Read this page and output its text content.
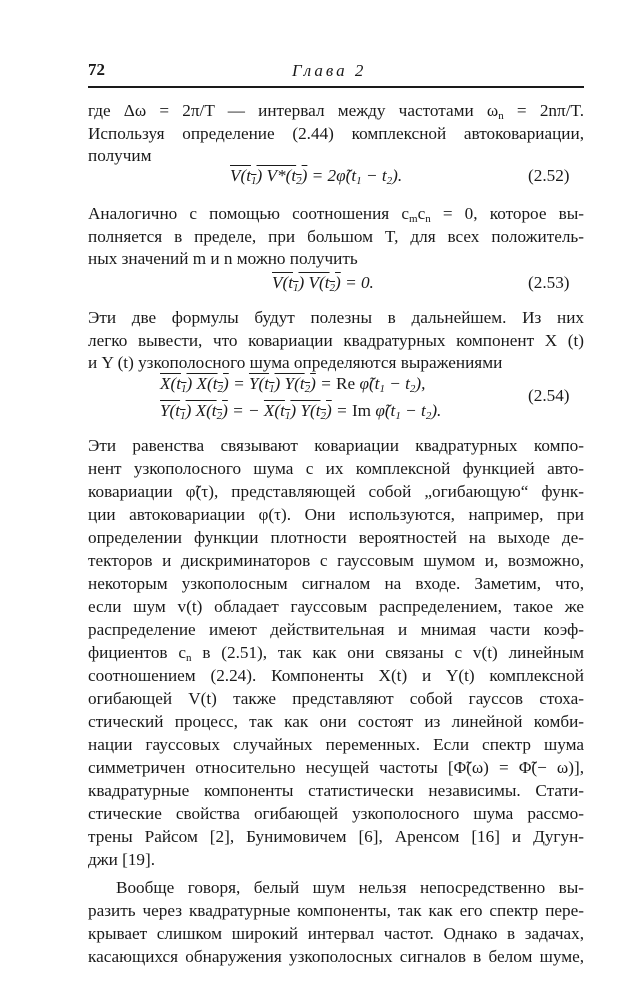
72	Глава 2
где Δω = 2π/T — интервал между частотами $\omega_n = 2n\pi/T$.
Используя определение (2.44) комплексной автоковариации,
получим
$V(t_1) V*(t_2)$ = $2\varphĩ(t_1 - t_2)$.	(2.52)
Аналогично с помощью соотношения $c_mc_n = 0$, которое вы-
полняется в пределе, при большом T, для всех положитель-
ных значений m и n можно получить
$V(t_1) V(t_2) = 0$.	(2.53)
Эти две формулы будут полезны в дальнейшем. Из них
легко вывести, что ковариации квадратурных компонент X (t)
и Y (t) узкополосного шума определяются выражениями
$X(t_1) X(t_2) = Y(t_1) Y(t_2) = Re$ $\varphĩ(t_1 - t_2)$,
$Y(t_1) X(t_2)$ = − $X(t_1) Y(t_2) = Im$ $\varphĩ(t_1 - t_2)$.
(2.54)
Эти равенства связывают ковариации квадратурных компо-
нент узкополосного шума с их комплексной функцией авто-
ковариации φ̃(τ), представляющей собой „огибающую“ функ-
ции автоковариации φ(τ). Они используются, например, при
определении функции плотности вероятностей на выходе де-
текторов и дискриминаторов с гауссовым шумом и, возможно,
некоторым узкополосным сигналом на входе. Заметим, что,
если шум v(t) обладает гауссовым распределением, такое же
распределение имеют действительная и мнимая части коэф-
фициентов $c_n$ в (2.51), так как они связаны с v(t) линейным
соотношением (2.24). Компоненты X(t) и Y(t) комплексной
огибающей V(t) также представляют собой гауссов стоха-
стический процесс, так как они состоят из линейной комби-
нации гауссовых случайных переменных. Если спектр шума
симметричен относительно несущей частоты [Φ̃(ω) = Φ̃(− ω)],
квадратурные компоненты статистически независимы. Стати-
стические свойства огибающей узкополосного шума рассмо-
трены Райсом [2], Бунимовичем [6], Аренсом [16] и Дугун-
джи [19].
Вообще говоря, белый шум нельзя непосредственно вы-
разить через квадратурные компоненты, так как его спектр пере-
крывает слишком широкий интервал частот. Однако в задачах,
касающихся обнаружения узкополосных сигналов в белом шуме,
